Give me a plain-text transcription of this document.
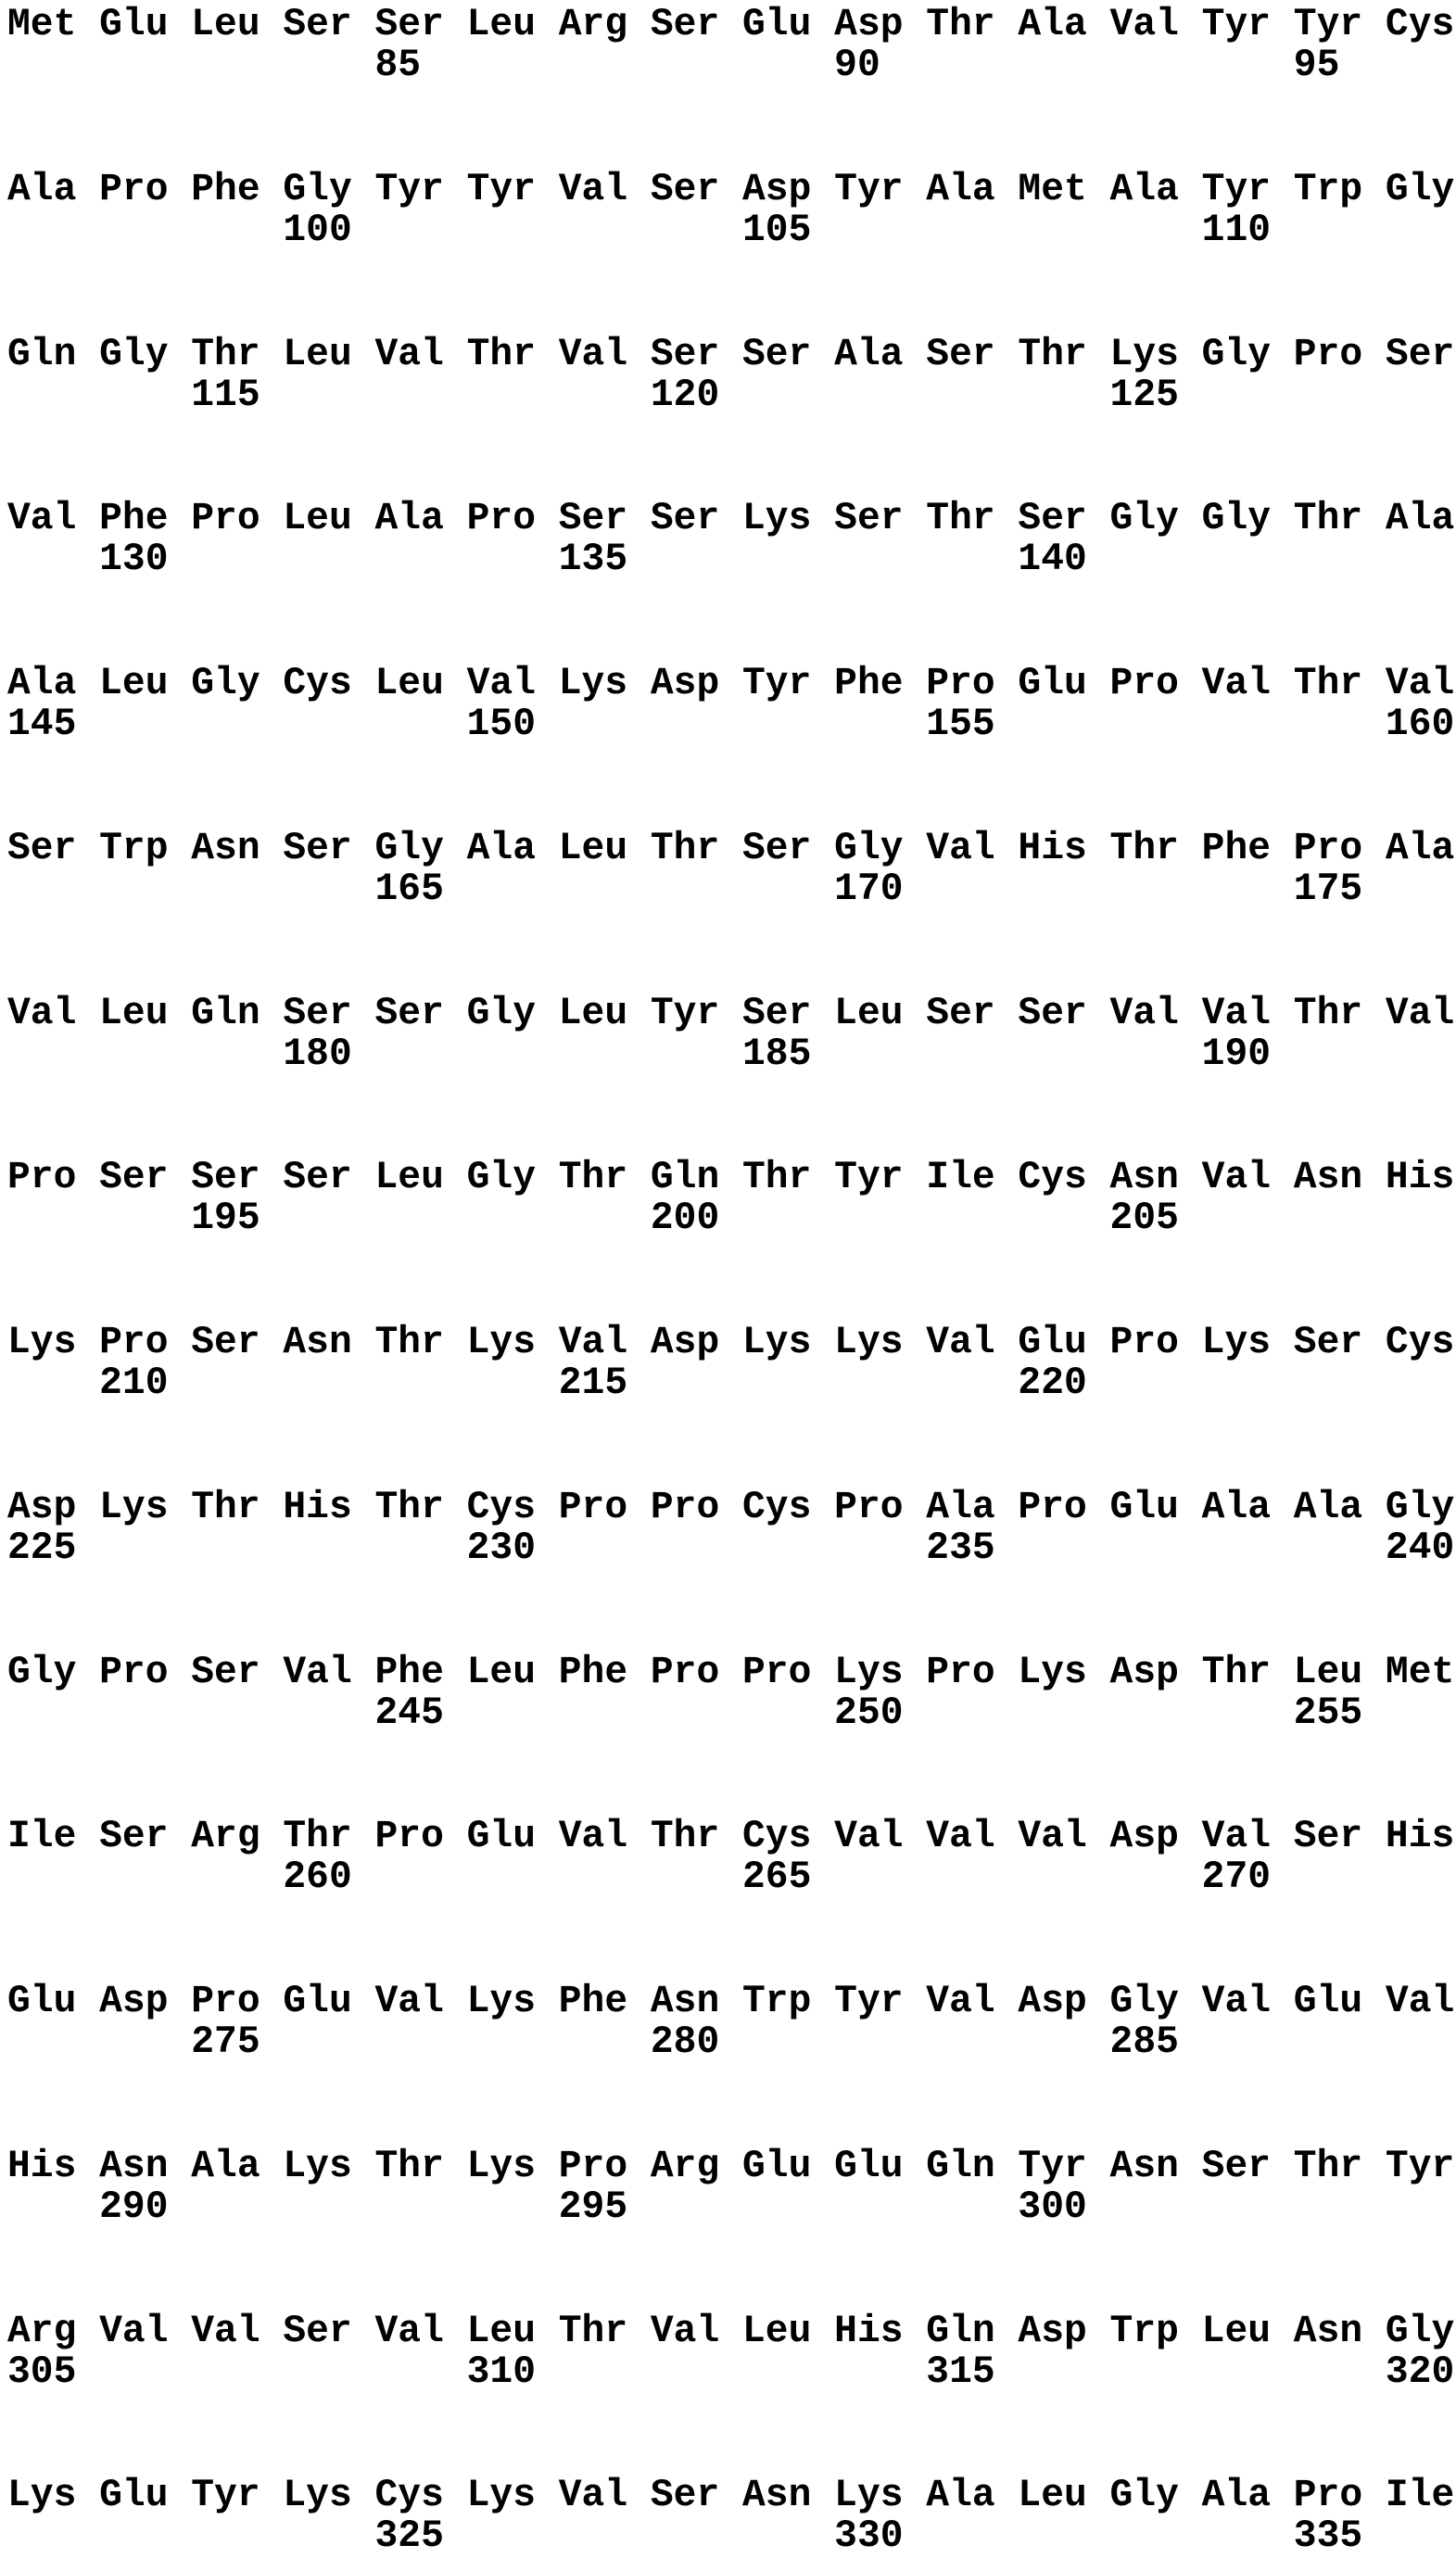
Met Glu Leu Ser Ser Leu Arg Ser Glu Asp Thr Ala Val Tyr Tyr Cys
85                  90                  95
Ala Pro Phe Gly Tyr Tyr Val Ser Asp Tyr Ala Met Ala Tyr Trp Gly
100                 105                 110
Gln Gly Thr Leu Val Thr Val Ser Ser Ala Ser Thr Lys Gly Pro Ser
115                 120                 125
Val Phe Pro Leu Ala Pro Ser Ser Lys Ser Thr Ser Gly Gly Thr Ala
130                 135                 140
Ala Leu Gly Cys Leu Val Lys Asp Tyr Phe Pro Glu Pro Val Thr Val
145                 150                 155                 160
Ser Trp Asn Ser Gly Ala Leu Thr Ser Gly Val His Thr Phe Pro Ala
165                 170                 175
Val Leu Gln Ser Ser Gly Leu Tyr Ser Leu Ser Ser Val Val Thr Val
180                 185                 190
Pro Ser Ser Ser Leu Gly Thr Gln Thr Tyr Ile Cys Asn Val Asn His
195                 200                 205
Lys Pro Ser Asn Thr Lys Val Asp Lys Lys Val Glu Pro Lys Ser Cys
210                 215                 220
Asp Lys Thr His Thr Cys Pro Pro Cys Pro Ala Pro Glu Ala Ala Gly
225                 230                 235                 240
Gly Pro Ser Val Phe Leu Phe Pro Pro Lys Pro Lys Asp Thr Leu Met
245                 250                 255
Ile Ser Arg Thr Pro Glu Val Thr Cys Val Val Val Asp Val Ser His
260                 265                 270
Glu Asp Pro Glu Val Lys Phe Asn Trp Tyr Val Asp Gly Val Glu Val
275                 280                 285
His Asn Ala Lys Thr Lys Pro Arg Glu Glu Gln Tyr Asn Ser Thr Tyr
290                 295                 300
Arg Val Val Ser Val Leu Thr Val Leu His Gln Asp Trp Leu Asn Gly
305                 310                 315                 320
Lys Glu Tyr Lys Cys Lys Val Ser Asn Lys Ala Leu Gly Ala Pro Ile
325                 330                 335
